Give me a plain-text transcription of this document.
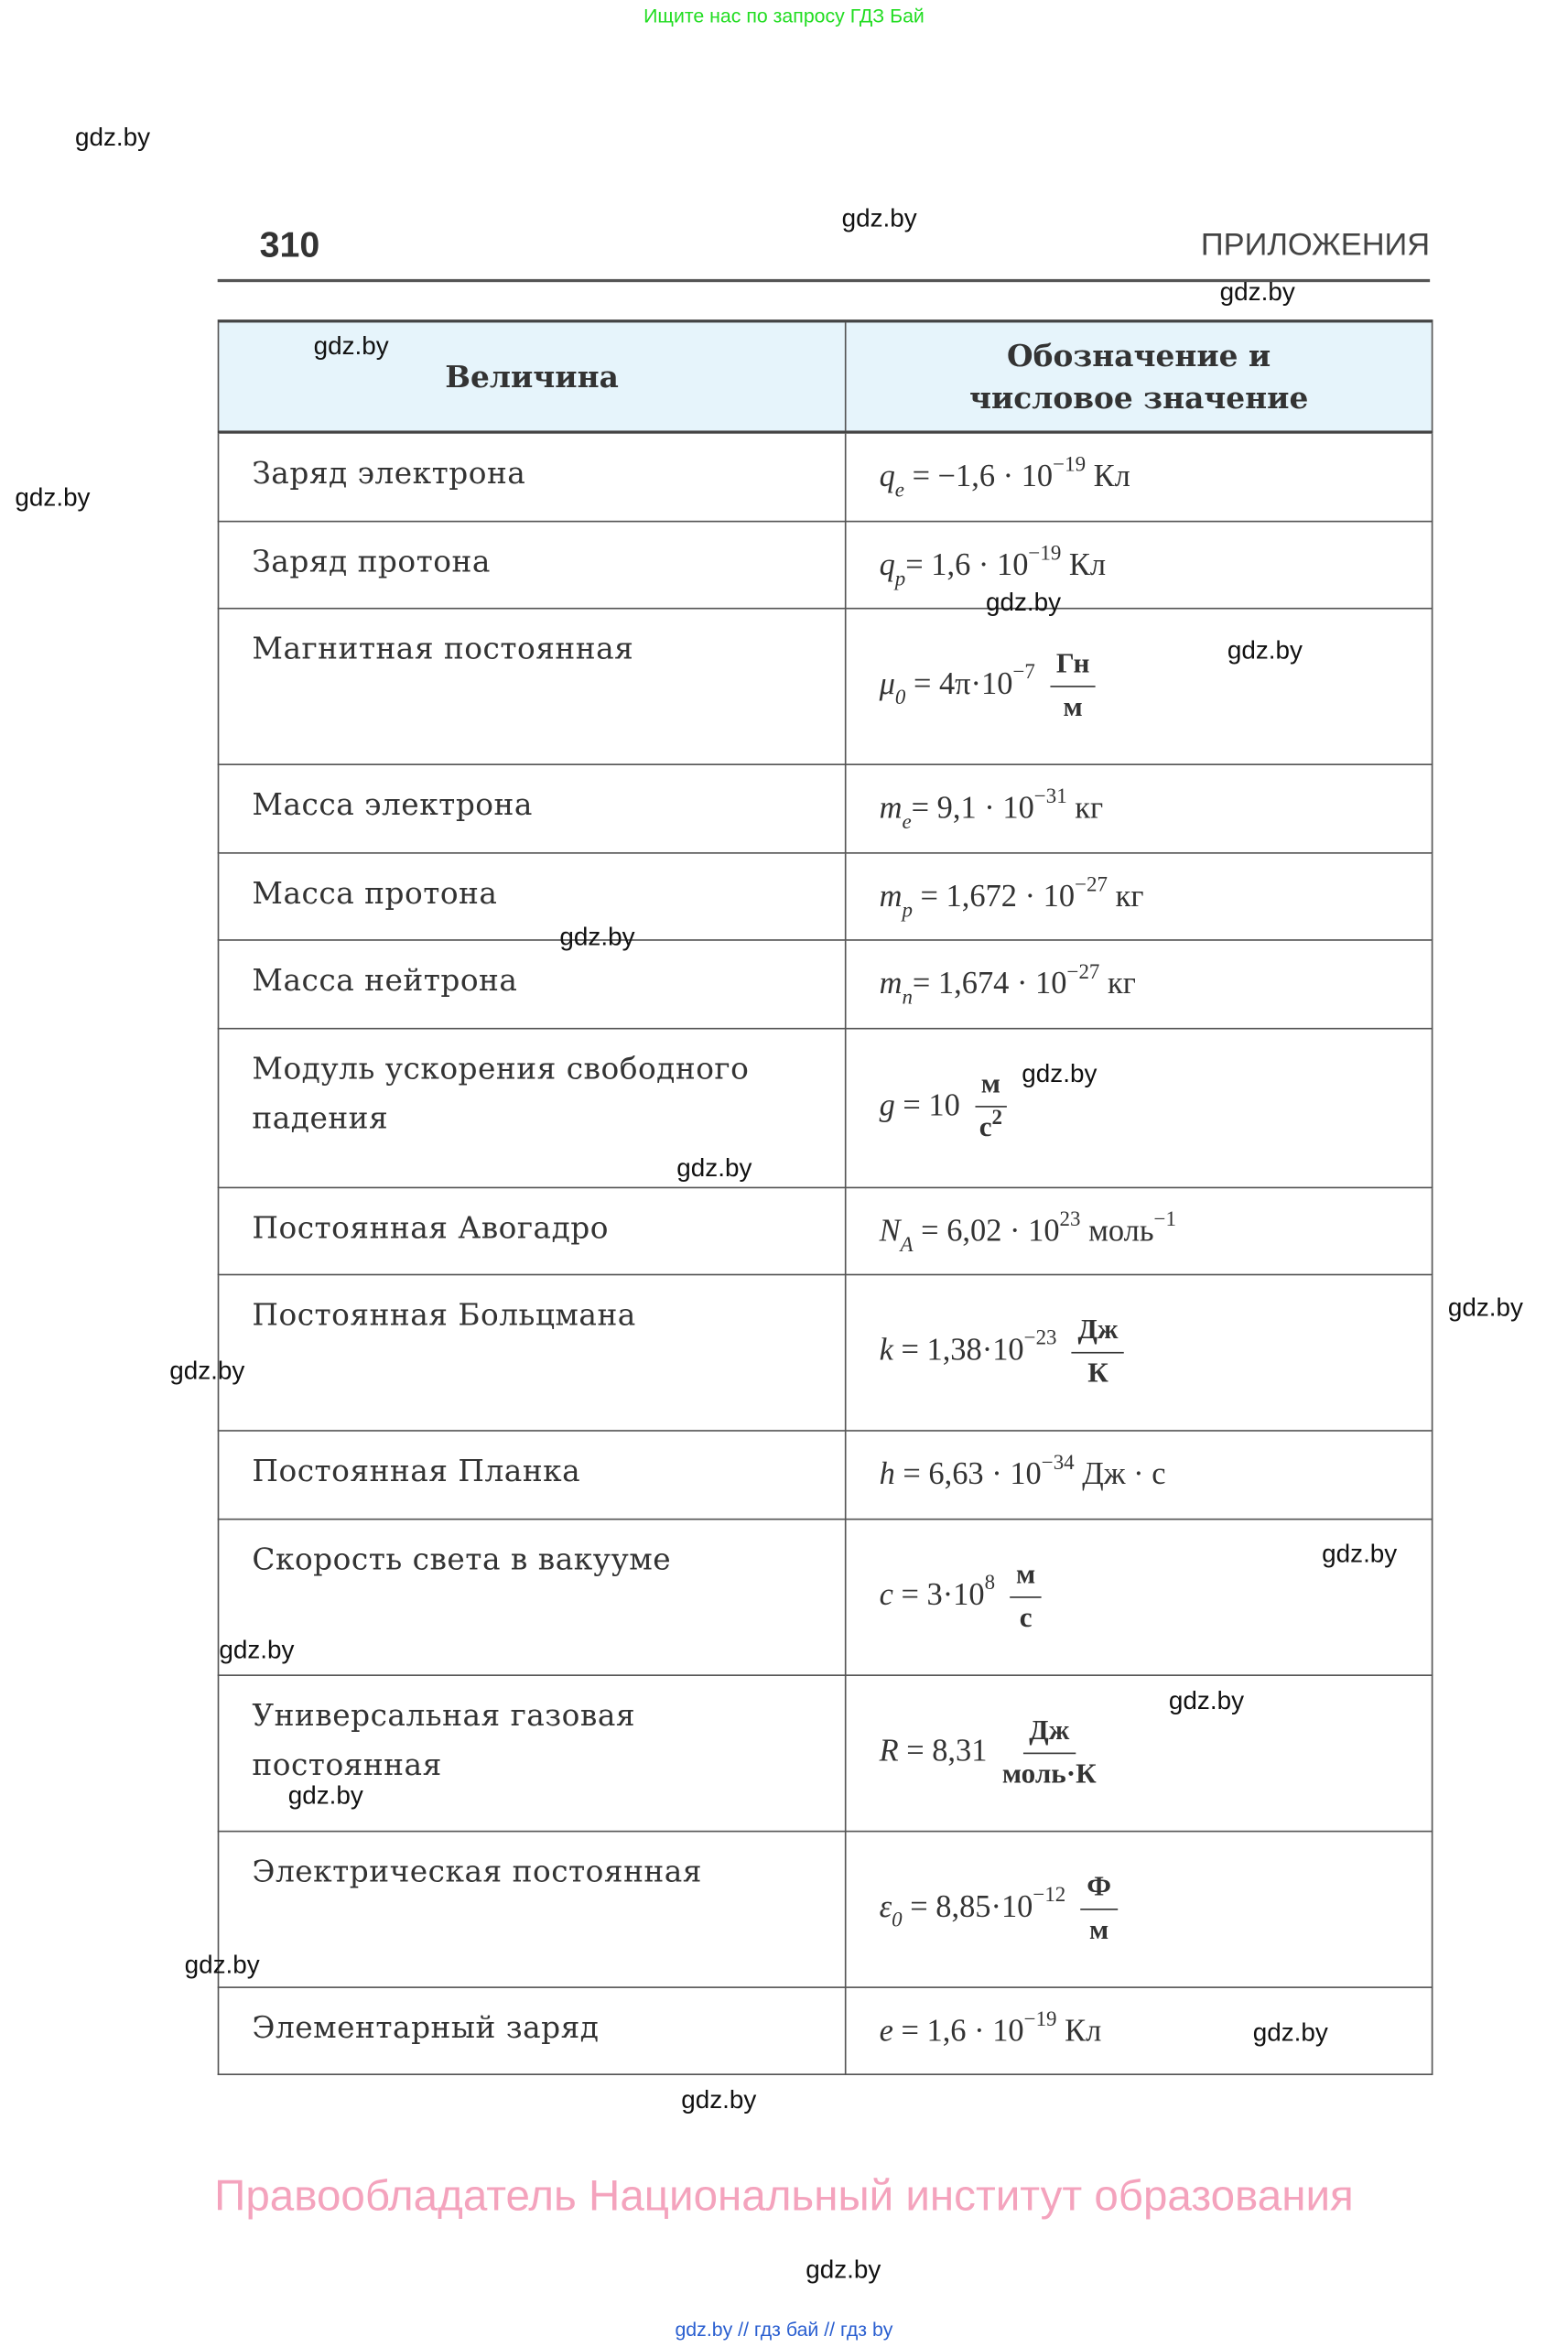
Ищите нас по запросу ГДЗ Бай
310	ПРИЛОЖЕНИЯ
Величина	Обозначение и числовое значение

Заряд электрона	$q_e = -1,6 \cdot 10^{-19}$ Кл
Заряд протона	$q_p= 1,6 \cdot 10^{-19}$ Кл
Магнитная постоянная	$\mu_0 = 4\pi\cdot 10^{-7} \frac{Гн}{м}$

Масса электрона	$m_e= 9,1 \cdot 10^{-31}$ кг
Масса протона	$m_p = 1,672 \cdot 10^{-27}$ кг
Масса нейтрона	$m_n= 1,674 \cdot 10^{-27}$ кг
Модуль ускорения свободного падения	$g = 10 \frac{м}{с^2}$

Постоянная Авогадро	$N_A = 6,02 \cdot 10^{23}$ моль$^{-1}$
Постоянная Больцмана	$k = 1,38\cdot 10^{-23} \frac{Дж}{К}$

Постоянная Планка	$h = 6,63 \cdot 10^{-34}$ Дж · с
Скорость света в вакууме	$c = 3\cdot 10^8 \frac{м}{с}$

Универсальная газовая постоянная	$R = 8,31 \frac{Дж}{\text{моль·К}}$

Электрическая постоянная	$\varepsilon_0 = 8,85\cdot 10^{-12} \frac{Ф}{м}$

Элементарный заряд	$e = 1,6 \cdot 10^{-19}$ Кл
gdz.by
gdz.by
gdz.by
gdz.by
gdz.by
gdz.by
gdz.by
gdz.by
gdz.by
gdz.by
gdz.by
gdz.by
gdz.by
gdz.by
gdz.by
gdz.by
gdz.by
gdz.by
gdz.by
gdz.by
Правообладатель Национальный институт образования
gdz.by // гдз бай // гдз by
